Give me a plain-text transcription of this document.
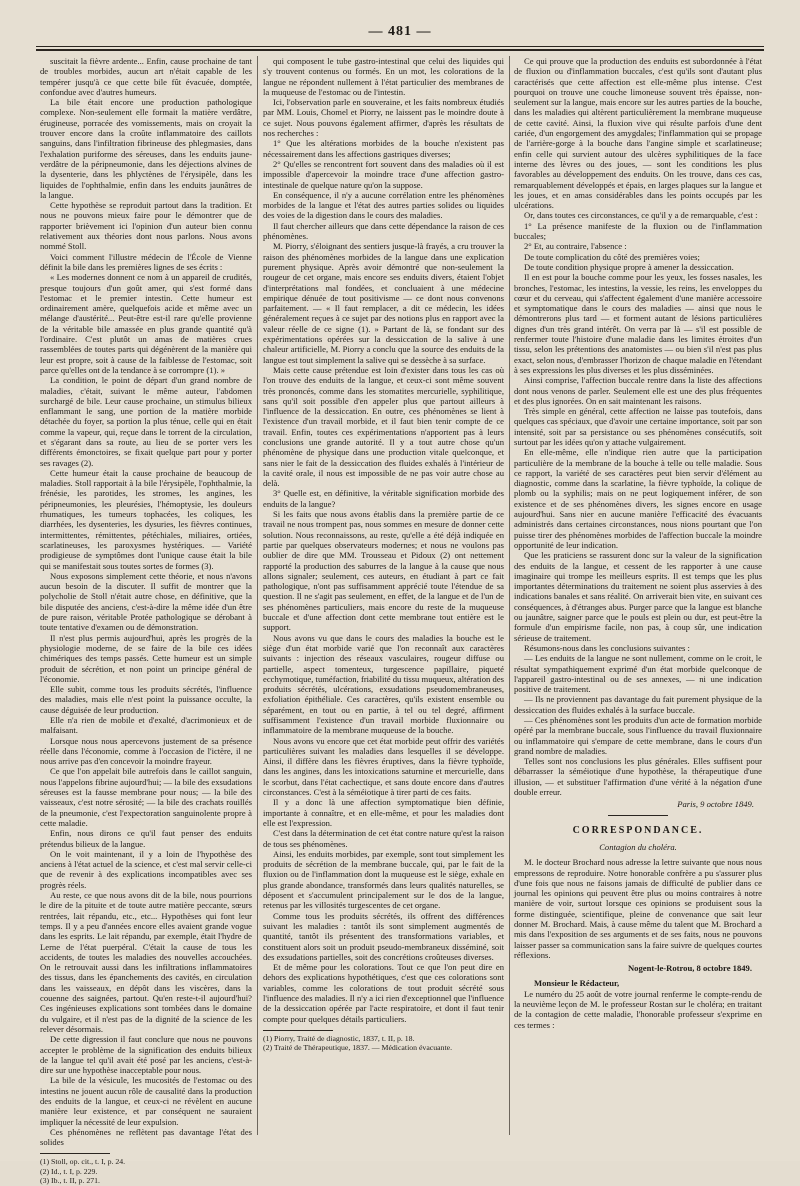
— 481 —

suscitait la fièvre ardente... Enfin, cause prochaine de tant de troubles morbides, aucun art n'était capable de les tempérer jusqu'à ce que cette bile fût évacuée, domptée, confondue avec d'autres humeurs.

La bile était encore une production pathologique complexe. Non-seulement elle formait la matière verdâtre, érugineuse, porracée des vomissements, mais on croyait la trouver encore dans la croûte inflammatoire des caillots sanguins, dans l'infiltration fibrineuse des phlegmasies, dans l'exhalation puriforme des séreuses, dans les enduits jaune-verdâtre de la péripneumonie, dans les déjections alvines de la dysenterie, dans les phlyctènes de l'érysipèle, dans les liquides de l'ophthalmie, enfin dans les enduits jaunâtres de la langue.

Cette hypothèse se reproduit partout dans la tradition. Et nous ne pouvons mieux faire pour le démontrer que de rapporter brièvement ici l'opinion d'un auteur bien connu relativement aux théories dont nous parlons. Nous avons nommé Stoll.

Voici comment l'illustre médecin de l'École de Vienne définit la bile dans les premières lignes de ses écrits :

« Les modernes donnent ce nom à un appareil de crudités, presque toujours d'un goût amer, qui s'est formé dans l'estomac et le premier intestin. Cette humeur est ordinairement amère, quelquefois acide et même avec un mélange d'austérité... Peut-être est-il rare qu'elle provienne de la véritable bile amassée en plus grande quantité qu'à l'ordinaire. C'est plutôt un amas de matières crues rassemblées de toutes parts qui dégénèrent de la manière qui leur est propre, soit à cause de la faiblesse de l'estomac, soit parce qu'elles ont de la tendance à se corrompre (1). »

La condition, le point de départ d'un grand nombre de maladies, c'était, suivant le même auteur, l'abdomen surchargé de bile. Leur cause prochaine, un stimulus bilieux enflammant le sang, une portion de la matière morbide détachée du foyer, sa portion la plus ténue, celle qui en était comme la vapeur, qui, reçue dans le torrent de la circulation, et s'égarant dans sa route, au lieu de se porter vers les différents émonctoires, se fixait quelque part pour y porter ses ravages (2).

Cette humeur était la cause prochaine de beaucoup de maladies. Stoll rapportait à la bile l'érysipèle, l'ophthalmie, la frénésie, les parotides, les stromes, les angines, les péripneumonies, les pleurésies, l'hémoptysie, les douleurs rhumatiques, les tumeurs tophacées, les coliques, les diarrhées, les dysenteries, les dysuries, les fièvres continues, intermittentes, rémittentes, pétéchiales, miliaires, ortiées, scarlatineuses, les paroxysmes hystériques. — Variété prodigieuse de symptômes dont l'unique cause était la bile qui se manifestait sous toutes sortes de formes (3).

Nous exposons simplement cette théorie, et nous n'avons aucun besoin de la discuter. Il suffit de montrer que la polycholie de Stoll n'était autre chose, en définitive, que la bile disputée des anciens, c'est-à-dire la même idée d'un être de pure raison, véritable Protée pathologique se dérobant à toute tentative d'examen ou de démonstration.

Il n'est plus permis aujourd'hui, après les progrès de la physiologie moderne, de se faire de la bile ces idées chimériques des temps passés. Cette humeur est un simple produit de sécrétion, et non point un principe général de l'économie.

Elle subit, comme tous les produits sécrétés, l'influence des maladies, mais elle n'est point la puissance occulte, la cause déguisée de leur production.

Elle n'a rien de mobile et d'exalté, d'acrimonieux et de malfaisant.

Lorsque nous nous apercevons justement de sa présence réelle dans l'économie, comme à l'occasion de l'ictère, il ne nous arrive pas d'en concevoir la moindre frayeur.

Ce que l'on appelait bile autrefois dans le caillot sanguin, nous l'appelons fibrine aujourd'hui; — la bile des exsudations séreuses est la fausse membrane pour nous; — la bile des vaisseaux, c'est notre sérosité; — la bile des crachats rouillés de la pneumonie, c'est l'expectoration sanguinolente propre à cette maladie.

Enfin, nous dirons ce qu'il faut penser des enduits prétendus bilieux de la langue.

On le voit maintenant, il y a loin de l'hypothèse des anciens à l'état actuel de la science, et c'est mal servir celle-ci que de revenir à des explications incompatibles avec ses progrès réels.

Au reste, ce que nous avons dit de la bile, nous pourrions le dire de la pituite et de toute autre matière peccante, sœurs rentrées, lait répandu, etc., etc... Hypothèses qui font leur temps. Il y a peu d'années encore elles avaient grande vogue dans les esprits. Le lait répandu, par exemple, était l'hydre de Lerne de l'état puerpéral. C'était la cause de tous les accidents, de toutes les maladies des nouvelles accouchées. On le retrouvait aussi dans les infiltrations inflammatoires des tissus, dans les épanchements des cavités, en circulation dans les vaisseaux, en dépôt dans les viscères, dans la couenne des saignées, partout. Qu'en reste-t-il aujourd'hui? Ces ingénieuses explications sont tombées dans le domaine du vulgaire, et il n'est pas de la dignité de la science de les relever désormais.

De cette digression il faut conclure que nous ne pouvons accepter le problème de la signification des enduits bilieux de la langue tel qu'il avait été posé par les anciens, c'est-à-dire sur une hypothèse inacceptable pour nous.

La bile de la vésicule, les mucosités de l'estomac ou des intestins ne jouent aucun rôle de causalité dans la production des enduits de la langue, et ceux-ci ne révèlent en aucune manière leur existence, et par conséquent ne sauraient impliquer la nécessité de leur expulsion.

Ces phénomènes ne reflètent pas davantage l'état des solides

(1) Stoll, op. cit., t. I, p. 24.

(2) Id., t. I, p. 229.

(3) Ib., t. II, p. 271.

qui composent le tube gastro-intestinal que celui des liquides qui s'y trouvent contenus ou formés. En un mot, les colorations de la langue ne répondent nullement à l'état particulier des membranes de la muqueuse de l'estomac ou de l'intestin.

Ici, l'observation parle en souveraine, et les faits nombreux étudiés par MM. Louis, Chomel et Piorry, ne laissent pas le moindre doute à ce sujet. Nous pouvons également affirmer, d'après les résultats de nos recherches :

1° Que les altérations morbides de la bouche n'existent pas nécessairement dans les affections gastriques diverses;

2° Qu'elles se rencontrent fort souvent dans des maladies où il est impossible d'apercevoir la moindre trace d'une affection gastro-intestinale de quelque nature qu'on la suppose.

En conséquence, il n'y a aucune corrélation entre les phénomènes morbides de la langue et l'état des autres parties solides ou liquides des voies de la digestion dans le cours des maladies.

Il faut chercher ailleurs que dans cette dépendance la raison de ces phénomènes.

M. Piorry, s'éloignant des sentiers jusque-là frayés, a cru trouver la raison des phénomènes morbides de la langue dans une explication purement physique. Après avoir démontré que non-seulement la rougeur de cet organe, mais encore ses enduits divers, étaient l'objet d'interprétations mal fondées, et concluaient à une médecine empirique dénuée de tout positivisme — ce dont nous convenons parfaitement. — « Il faut remplacer, a dit ce médecin, les idées généralement reçues à ce sujet par des notions plus en rapport avec la valeur réelle de ce signe (1). » Partant de là, se fondant sur des expérimentations opérées sur la dessiccation de la salive à une chaleur artificielle, M. Piorry a conclu que la source des enduits de la langue est tout simplement la salive qui se dessèche à sa surface.

Mais cette cause prétendue est loin d'exister dans tous les cas où l'on trouve des enduits de la langue, et ceux-ci sont même souvent très prononcés, comme dans les stomatites mercurielle, syphilitique, sans qu'il soit possible d'en appeler plus que partout ailleurs à l'influence de la dessiccation. En outre, ces phénomènes se lient à l'existence d'un travail morbide, et il faut bien tenir compte de ce travail. Enfin, toutes ces expérimentations n'apportent pas à leurs conclusions une grande autorité. Il y a tout autre chose qu'un phénomène de physique dans une production vitale quelconque, et sans nier le fait de la dessiccation des fluides exhalés à l'intérieur de la cavité orale, il nous est impossible de ne pas voir autre chose au delà.

3° Quelle est, en définitive, la véritable signification morbide des enduits de la langue?

Si les faits que nous avons établis dans la première partie de ce travail ne nous trompent pas, nous sommes en mesure de donner cette solution. Nous reconnaissons, au reste, qu'elle a été déjà indiquée en partie par quelques observateurs modernes; et nous ne voulons pas oublier de dire que MM. Trousseau et Pidoux (2) ont nettement rapporté la production des saburres de la langue à la cause que nous allons signaler; seulement, ces auteurs, en étudiant à part ce fait pathologique, n'ont pas suffisamment apprécié toute l'étendue de sa question. Il ne s'agit pas seulement, en effet, de la langue et de l'un de ses phénomènes particuliers, mais encore du reste de la muqueuse buccale et d'une affection dont cette membrane tout entière est le support.

Nous avons vu que dans le cours des maladies la bouche est le siège d'un état morbide varié que l'on reconnaît aux caractères suivants : injection des réseaux vasculaires, rougeur diffuse ou partielle, aspect tomenteux, turgescence papillaire, piqueté ecchymotique, tuméfaction, friabilité du tissu muqueux, altération des produits sécrétés, ulcérations, exsudations pseudomembraneuses, exfoliation épithéliale. Ces caractères, qu'ils existent ensemble ou séparément, en tout ou en partie, à tel ou tel degré, affirment suffisamment l'existence d'un travail morbide fluxionnaire ou inflammatoire de la membrane muqueuse de la bouche.

Nous avons vu encore que cet état morbide peut offrir des variétés particulières suivant les maladies dans lesquelles il se développe. Ainsi, il diffère dans les fièvres éruptives, dans la fièvre typhoïde, dans les angines, dans les intoxications saturnine et mercurielle, dans le scorbut, dans l'état cachectique, et sans doute encore dans d'autres circonstances. C'est à la séméiotique à tirer parti de ces faits.

Il y a donc là une affection symptomatique bien définie, importante à connaître, et en elle-même, et pour les maladies dont elle est l'expression.

C'est dans la détermination de cet état contre nature qu'est la raison de tous ses phénomènes.

Ainsi, les enduits morbides, par exemple, sont tout simplement les produits de sécrétion de la membrane buccale, qui, par le fait de la fluxion ou de l'inflammation dont la muqueuse est le siège, exhale en plus grande abondance, transformés dans leurs qualités naturelles, se déposent et s'accumulent principalement sur le dos de la langue, retenus par les villosités turgescentes de cet organe.

Comme tous les produits sécrétés, ils offrent des différences suivant les maladies : tantôt ils sont simplement augmentés de quantité, tantôt ils présentent des transformations variables, et constituent alors soit un produit pseudo-membraneux disséminé, soit des exsudations partielles, soit des concrétions croûteuses diverses.

Et de même pour les colorations. Tout ce que l'on peut dire en dehors des explications hypothétiques, c'est que ces colorations sont variables, comme les colorations de tout produit sécrété sous l'influence des maladies. Il n'y a ici rien d'exceptionnel que l'influence de la dessiccation opérée par l'acte respiratoire, et dont il faut tenir compte pour quelques détails particuliers.

(1) Piorry, Traité de diagnostic, 1837, t. II, p. 18.

(2) Traité de Thérapeutique, 1837. — Médication évacuante.

Ce qui prouve que la production des enduits est subordonnée à l'état de fluxion ou d'inflammation buccales, c'est qu'ils sont d'autant plus caractérisés que cette affection est elle-même plus intense. C'est pourquoi on trouve une couche limoneuse souvent très épaisse, non-seulement sur la langue, mais encore sur les autres parties de la bouche, dans les maladies qui altèrent particulièrement la membrane muqueuse de cette cavité. Ainsi, la fluxion vive qui résulte parfois d'une dent cariée, d'un engorgement des amygdales; l'inflammation qui se propage de l'arrière-gorge à la bouche dans l'angine simple et scarlatineuse; enfin celle qui survient autour des ulcères syphilitiques de la face interne des lèvres ou des joues, — sont les conditions les plus favorables au développement des enduits. On les trouve, dans ces cas, remarquablement développés et épais, en larges plaques sur la langue et les joues, et en amas considérables dans les points occupés par les ulcérations.

Or, dans toutes ces circonstances, ce qu'il y a de remarquable, c'est :

1° La présence manifeste de la fluxion ou de l'inflammation buccales;

2° Et, au contraire, l'absence :

De toute complication du côté des premières voies;

De toute condition physique propre à amener la dessiccation.

Il en est pour la bouche comme pour les yeux, les fosses nasales, les bronches, l'estomac, les intestins, la vessie, les reins, les enveloppes du cœur et du cerveau, qui s'affectent également d'une manière accessoire et symptomatique dans le cours des maladies — ainsi que nous le démontrerons plus tard — et forment autant de lésions particulières dignes d'un très grand intérêt. On verra par là — s'il est possible de renfermer toute l'histoire d'une maladie dans les limites étroites d'un tissu, selon les prétentions des anatomistes — ou bien s'il n'est pas plus exact, selon nous, d'embrasser l'horizon de chaque maladie en l'étendant à ses expressions les plus diverses et les plus disséminées.

Ainsi comprise, l'affection buccale rentre dans la liste des affections dont nous venons de parler. Seulement elle est une des plus fréquentes et des plus ignorées. On en sait maintenant les raisons.

Très simple en général, cette affection ne laisse pas toutefois, dans quelques cas spéciaux, que d'avoir une certaine importance, soit par son intensité, soit par sa persistance ou ses phénomènes consécutifs, soit surtout par les idées qu'on y attache vulgairement.

En elle-même, elle n'indique rien autre que la participation particulière de la membrane de la bouche à telle ou telle maladie. Sous ce rapport, la variété de ses caractères peut bien servir d'élément au diagnostic, comme dans la scarlatine, la fièvre typhoïde, la colique de plomb ou la syphilis; mais on ne peut logiquement inférer, de son existence et de ses phénomènes divers, les signes encore en usage aujourd'hui. Sans nier en aucune manière l'efficacité des évacuants administrés dans certaines circonstances, nous nions pourtant que l'on puisse tirer des phénomènes morbides de l'affection buccale la moindre opportunité de leur indication.

Que les praticiens se rassurent donc sur la valeur de la signification des enduits de la langue, et cessent de les rapporter à une cause imaginaire qui trompe les meilleurs esprits. Il est temps que les plus importantes déterminations du traitement ne soient plus asservies à des indications banales et sans réalité. On arriverait bien vite, en suivant ces conséquences, à d'étranges abus. Purger parce que la langue est blanche ou jaunâtre, saigner parce que le pouls est plein ou dur, est peut-être la formule d'un empirisme facile, non pas, à coup sûr, une indication sérieuse de traitement.

Résumons-nous dans les conclusions suivantes :

— Les enduits de la langue ne sont nullement, comme on le croit, le résultat sympathiquement exprimé d'un état morbide quelconque de l'appareil gastro-intestinal ou de ses annexes, — ni une indication positive de traitement.

— Ils ne proviennent pas davantage du fait purement physique de la dessiccation des fluides exhalés à la surface buccale.

— Ces phénomènes sont les produits d'un acte de formation morbide opéré par la membrane buccale, sous l'influence du travail fluxionnaire ou inflammatoire qui s'empare de cette membrane, dans le cours d'un grand nombre de maladies.

Telles sont nos conclusions les plus générales. Elles suffisent pour débarrasser la séméiotique d'une hypothèse, la thérapeutique d'une illusion, — et substituer l'affirmation d'une vérité à la négation d'une double erreur.

Paris, 9 octobre 1849.

CORRESPONDANCE.

Contagion du choléra.

M. le docteur Brochard nous adresse la lettre suivante que nous nous empressons de reproduire. Notre honorable confrère a pu s'assurer plus d'une fois que nous ne faisons jamais de difficulté de publier dans ce journal les opinions qui peuvent être plus ou moins contraires à notre manière de voir, surtout lorsque ces opinions se produisent sous la forme distinguée, scientifique, pleine de convenance que sait leur donner M. Brochard. Mais, à cause même du talent que M. Brochard a mis dans l'exposition de ses arguments et de ses faits, nous ne pouvons laisser passer sa communication sans la faire suivre de quelques courtes réflexions.

Nogent-le-Rotrou, 8 octobre 1849.

Monsieur le Rédacteur,

Le numéro du 25 août de votre journal renferme le compte-rendu de la neuvième leçon de M. le professeur Rostan sur le choléra; en traitant de la contagion de cette maladie, l'honorable professeur s'exprime en ces termes :
